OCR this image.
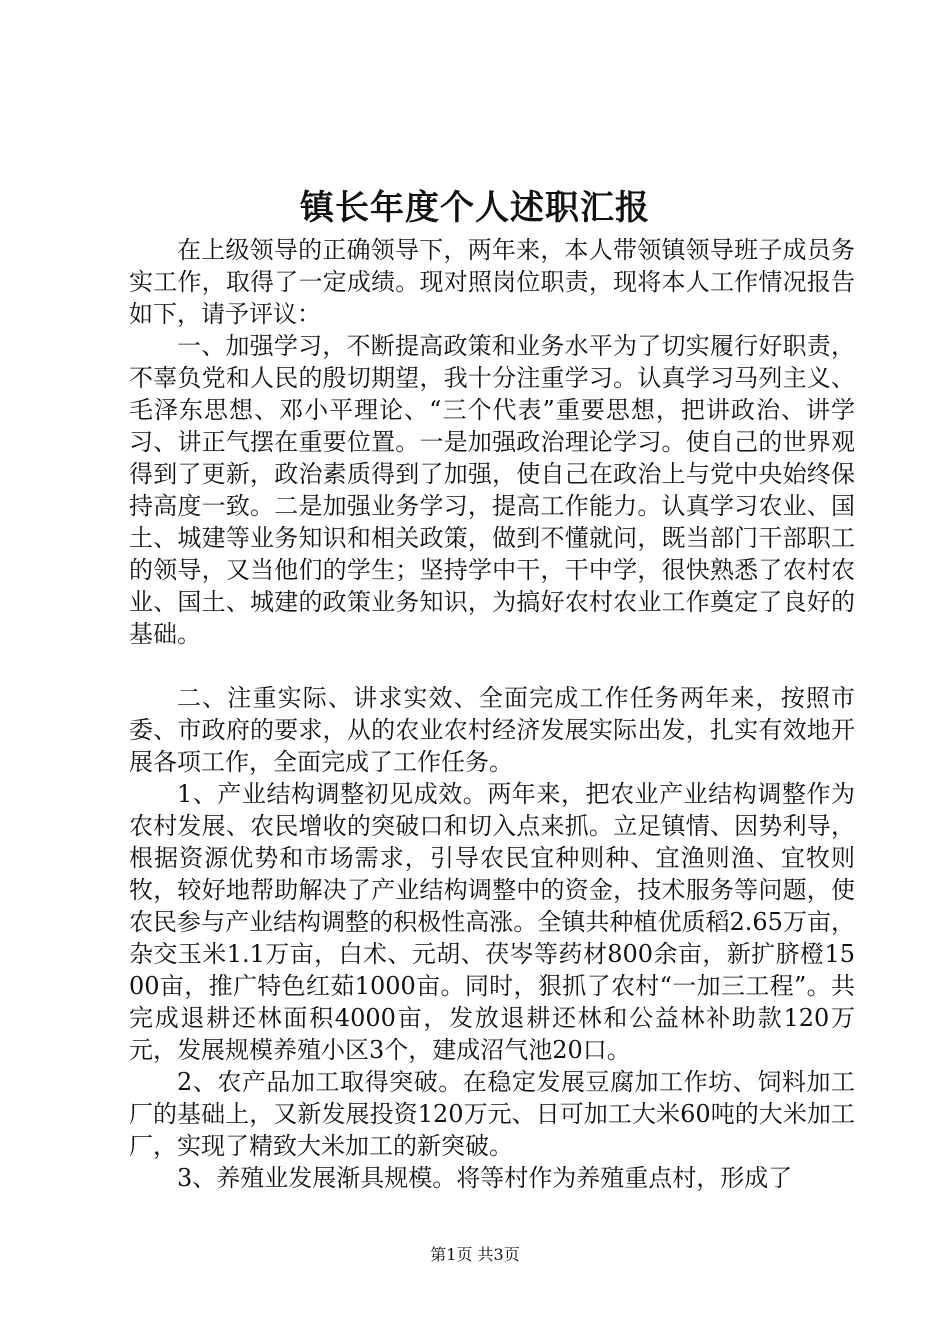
镇长年度个人述职汇报

在上级领导的正确领导下，两年来，本人带领镇领导班子成员务实工作，取得了一定成绩。现对照岗位职责，现将本人工作情况报告如下，请予评议：

一、加强学习，不断提高政策和业务水平为了切实履行好职责，不辜负党和人民的殷切期望，我十分注重学习。认真学习马列主义、毛泽东思想、邓小平理论、“三个代表”重要思想，把讲政治、讲学习、讲正气摆在重要位置。一是加强政治理论学习。使自己的世界观得到了更新，政治素质得到了加强，使自己在政治上与党中央始终保持高度一致。二是加强业务学习，提高工作能力。认真学习农业、国土、城建等业务知识和相关政策，做到不懂就问，既当部门干部职工的领导，又当他们的学生；坚持学中干，干中学，很快熟悉了农村农业、国土、城建的政策业务知识，为搞好农村农业工作奠定了良好的基础。

二、注重实际、讲求实效、全面完成工作任务两年来，按照市委、市政府的要求，从的农业农村经济发展实际出发，扎实有效地开展各项工作，全面完成了工作任务。

1、产业结构调整初见成效。两年来，把农业产业结构调整作为农村发展、农民增收的突破口和切入点来抓。立足镇情、因势利导，根据资源优势和市场需求，引导农民宜种则种、宜渔则渔、宜牧则牧，较好地帮助解决了产业结构调整中的资金，技术服务等问题，使农民参与产业结构调整的积极性高涨。全镇共种植优质稻2.65万亩，杂交玉米1.1万亩，白术、元胡、茯岑等药材800余亩，新扩脐橙1500亩，推广特色红茹1000亩。同时，狠抓了农村“一加三工程”。共完成退耕还林面积4000亩，发放退耕还林和公益林补助款120万元，发展规模养殖小区3个，建成沼气池20口。

2、农产品加工取得突破。在稳定发展豆腐加工作坊、饲料加工厂的基础上，又新发展投资120万元、日可加工大米60吨的大米加工厂，实现了精致大米加工的新突破。

3、养殖业发展渐具规模。将等村作为养殖重点村，形成了

第1页 共3页
